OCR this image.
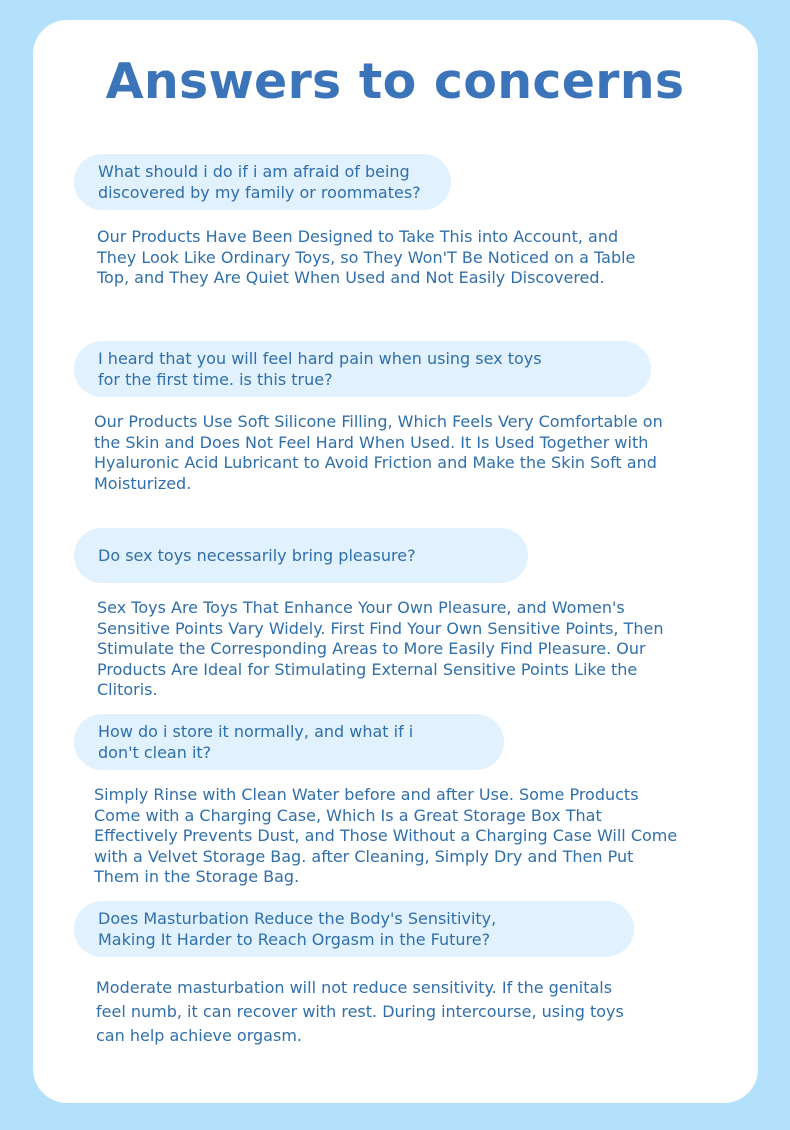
Answers to concerns
What should i do if i am afraid of being
discovered by my family or roommates?

Our Products Have Been Designed to Take This into Account, and
They Look Like Ordinary Toys, so They Won'T Be Noticed on a Table
Top, and They Are Quiet When Used and Not Easily Discovered.

I heard that you will feel hard pain when using sex toys
for the first time. is this true?

Our Products Use Soft Silicone Filling, Which Feels Very Comfortable on
the Skin and Does Not Feel Hard When Used. It Is Used Together with
Hyaluronic Acid Lubricant to Avoid Friction and Make the Skin Soft and
Moisturized.

Do sex toys necessarily bring pleasure?

Sex Toys Are Toys That Enhance Your Own Pleasure, and Women's
Sensitive Points Vary Widely. First Find Your Own Sensitive Points, Then
Stimulate the Corresponding Areas to More Easily Find Pleasure. Our
Products Are Ideal for Stimulating External Sensitive Points Like the
Clitoris.

How do i store it normally, and what if i
don't clean it?

Simply Rinse with Clean Water before and after Use. Some Products
Come with a Charging Case, Which Is a Great Storage Box That
Effectively Prevents Dust, and Those Without a Charging Case Will Come
with a Velvet Storage Bag. after Cleaning, Simply Dry and Then Put
Them in the Storage Bag.

Does Masturbation Reduce the Body's Sensitivity,
Making It Harder to Reach Orgasm in the Future?

Moderate masturbation will not reduce sensitivity. If the genitals
feel numb, it can recover with rest. During intercourse, using toys
can help achieve orgasm.
